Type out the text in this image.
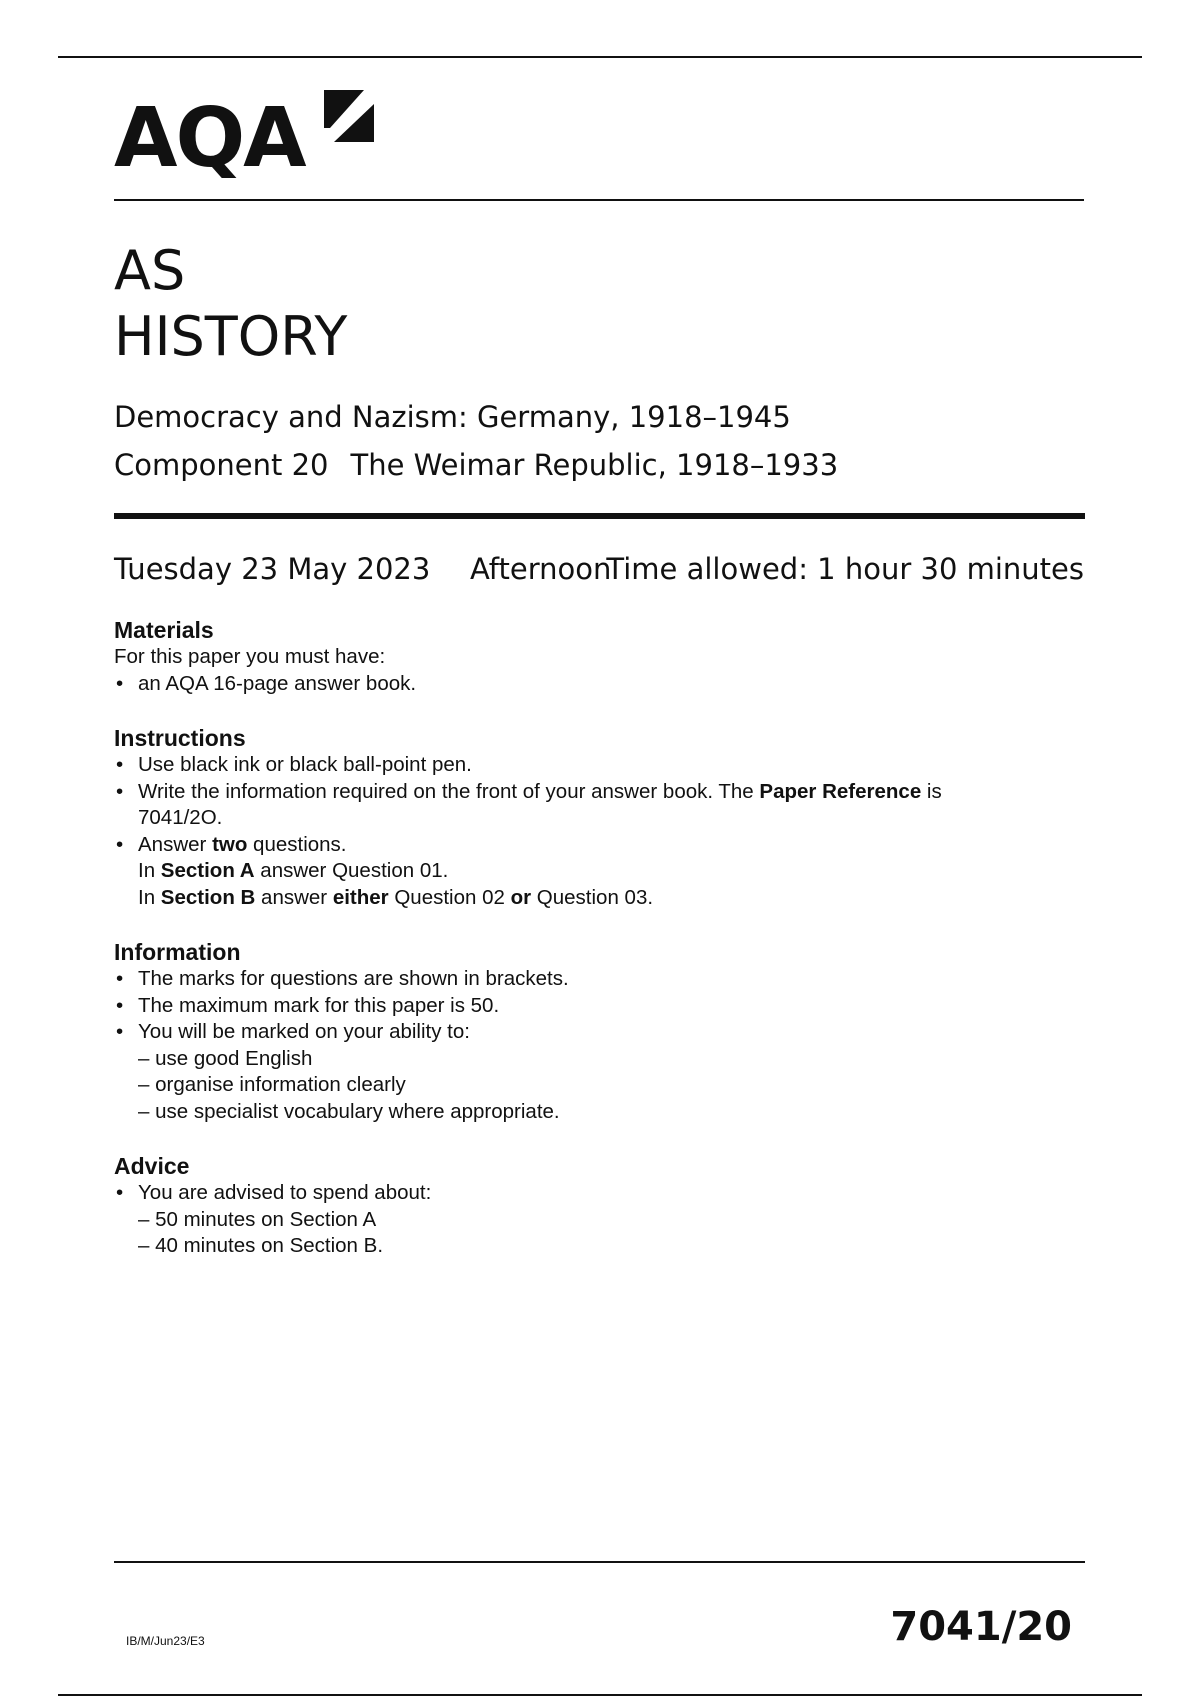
AQA
AS
HISTORY
Democracy and Nazism: Germany, 1918–1945
Component 20 The Weimar Republic, 1918–1933
Tuesday 23 May 2023 Afternoon
Time allowed: 1 hour 30 minutes
Materials
For this paper you must have:
• an AQA 16-page answer book.
Instructions
• Use black ink or black ball-point pen.
• Write the information required on the front of your answer book. The Paper Reference is
7041/2O.
• Answer two questions.
In Section A answer Question 01.
In Section B answer either Question 02 or Question 03.
Information
• The marks for questions are shown in brackets.
• The maximum mark for this paper is 50.
• You will be marked on your ability to:
– use good English
– organise information clearly
– use specialist vocabulary where appropriate.
Advice
• You are advised to spend about:
– 50 minutes on Section A
– 40 minutes on Section B.
IB/M/Jun23/E3	7041/20
